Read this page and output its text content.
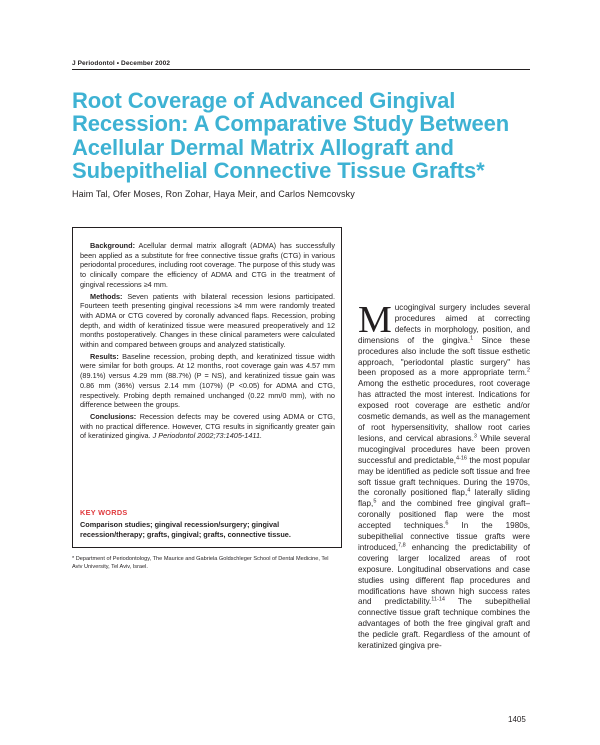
J Periodontol • December 2002
Root Coverage of Advanced Gingival Recession: A Comparative Study Between Acellular Dermal Matrix Allograft and Subepithelial Connective Tissue Grafts*
Haim Tal, Ofer Moses, Ron Zohar, Haya Meir, and Carlos Nemcovsky

Background: Acellular dermal matrix allograft (ADMA) has successfully been applied as a substitute for free connective tissue grafts (CTG) in various periodontal procedures, including root coverage. The purpose of this study was to clinically compare the efficiency of ADMA and CTG in the treatment of gingival recessions ≥4 mm.

Methods: Seven patients with bilateral recession lesions participated. Fourteen teeth presenting gingival recessions ≥4 mm were randomly treated with ADMA or CTG covered by coronally advanced flaps. Recession, probing depth, and width of keratinized tissue were measured preoperatively and 12 months postoperatively. Changes in these clinical parameters were calculated within and compared between groups and analyzed statistically.

Results: Baseline recession, probing depth, and keratinized tissue width were similar for both groups. At 12 months, root coverage gain was 4.57 mm (89.1%) versus 4.29 mm (88.7%) (P = NS), and keratinized tissue gain was 0.86 mm (36%) versus 2.14 mm (107%) (P <0.05) for ADMA and CTG, respectively. Probing depth remained unchanged (0.22 mm/0 mm), with no difference between the groups.

Conclusions: Recession defects may be covered using ADMA or CTG, with no practical difference. However, CTG results in significantly greater gain of keratinized gingiva. J Periodontol 2002;73:1405-1411.

KEY WORDS
Comparison studies; gingival recession/surgery; gingival recession/therapy; grafts, gingival; grafts, connective tissue.
* Department of Periodontology, The Maurice and Gabriela Goldschleger School of Dental Medicine, Tel Aviv University, Tel Aviv, Israel.
Mucogingival surgery includes several procedures aimed at correcting defects in morphology, position, and dimensions of the gingiva.$^1$ Since these procedures also include the soft tissue esthetic approach, "periodontal plastic surgery" has been proposed as a more appropriate term.$^2$ Among the esthetic procedures, root coverage has attracted the most interest. Indications for exposed root coverage are esthetic and/or cosmetic demands, as well as the management of root hypersensitivity, shallow root caries lesions, and cervical abrasions.$^3$ While several mucogingival procedures have been proven successful and predictable,$^{4-16}$ the most popular may be identified as pedicle soft tissue and free soft tissue graft techniques. During the 1970s, the coronally positioned flap,$^4$ laterally sliding flap,$^5$ and the combined free gingival graft–coronally positioned flap were the most accepted techniques.$^6$ In the 1980s, subepithelial connective tissue grafts were introduced,$^{7,8}$ enhancing the predictability of covering larger localized areas of root exposure. Longitudinal observations and case studies using different flap procedures and modifications have shown high success rates and predictability.$^{11-14}$ The subepithelial connective tissue graft technique combines the advantages of both the free gingival graft and the pedicle graft. Regardless of the amount of keratinized gingiva pre-
1405
